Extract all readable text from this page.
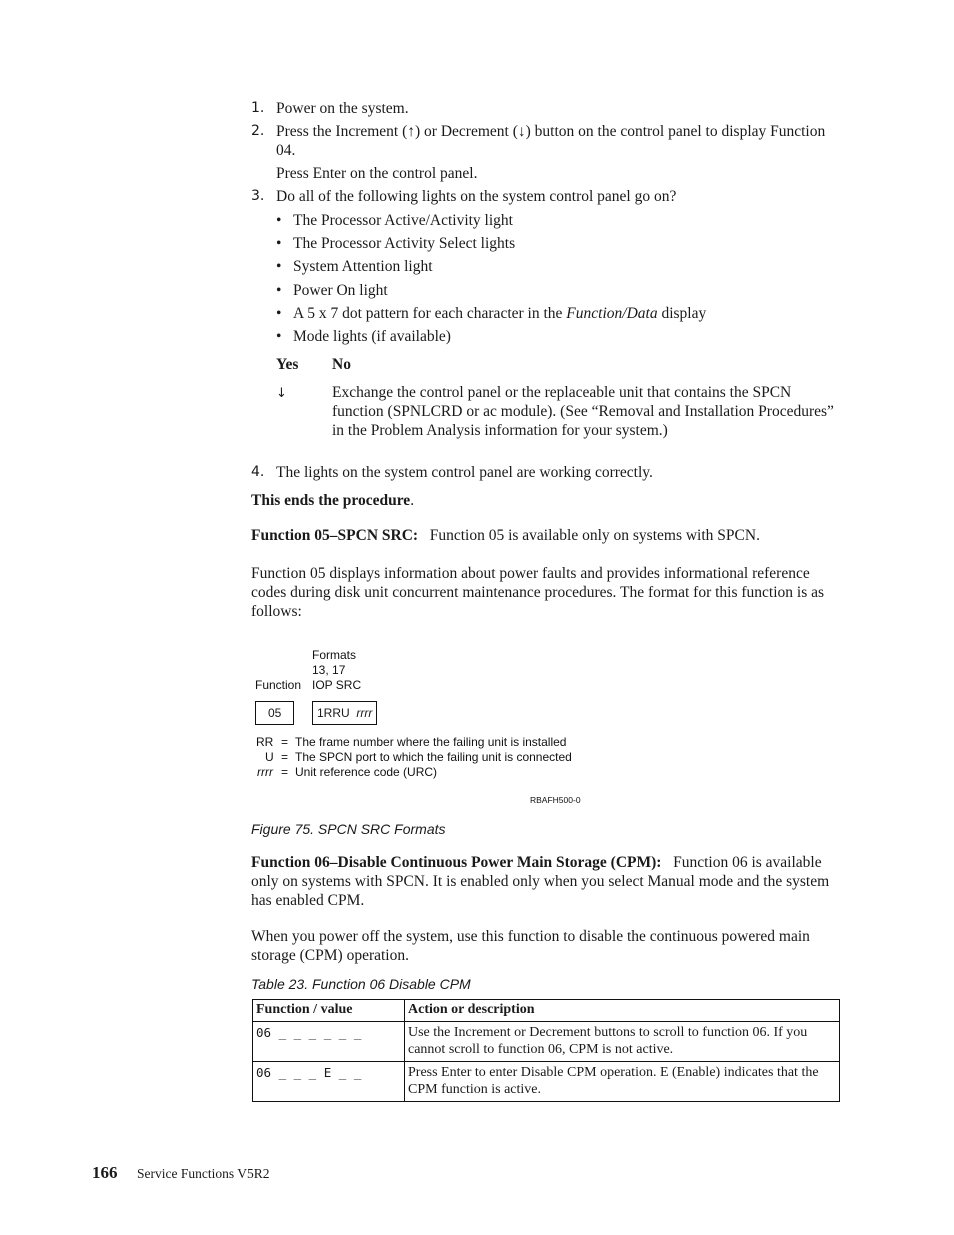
1. Power on the system.
2. Press the Increment (↑) or Decrement (↓) button on the control panel to display Function 04.
Press Enter on the control panel.
3. Do all of the following lights on the system control panel go on?
• The Processor Active/Activity light
• The Processor Activity Select lights
• System Attention light
• Power On light
• A 5 x 7 dot pattern for each character in the Function/Data display
• Mode lights (if available)
Yes No
↓	Exchange the control panel or the replaceable unit that contains the SPCN function (SPNLCRD or ac module). (See “Removal and Installation Procedures” in the Problem Analysis information for your system.)
4. The lights on the system control panel are working correctly.
This ends the procedure.
Function 05–SPCN SRC: Function 05 is available only on systems with SPCN.
Function 05 displays information about power faults and provides informational reference codes during disk unit concurrent maintenance procedures. The format for this function is as follows:
Formats
13, 17
Function IOP SRC
05	1RRU rrrr
RR = The frame number where the failing unit is installed
U = The SPCN port to which the failing unit is connected
rrrr = Unit reference code (URC)
RBAFH500-0
Figure 75. SPCN SRC Formats
Function 06–Disable Continuous Power Main Storage (CPM): Function 06 is available only on systems with SPCN. It is enabled only when you select Manual mode and the system has enabled CPM.
When you power off the system, use this function to disable the continuous powered main storage (CPM) operation.
Table 23. Function 06 Disable CPM
Function / value	Action or description
06 _ _ _ _ _ _	Use the Increment or Decrement buttons to scroll to function 06. If you cannot scroll to function 06, CPM is not active.
06 _ _ _ E _ _	Press Enter to enter Disable CPM operation. E (Enable) indicates that the CPM function is active.
166 Service Functions V5R2
